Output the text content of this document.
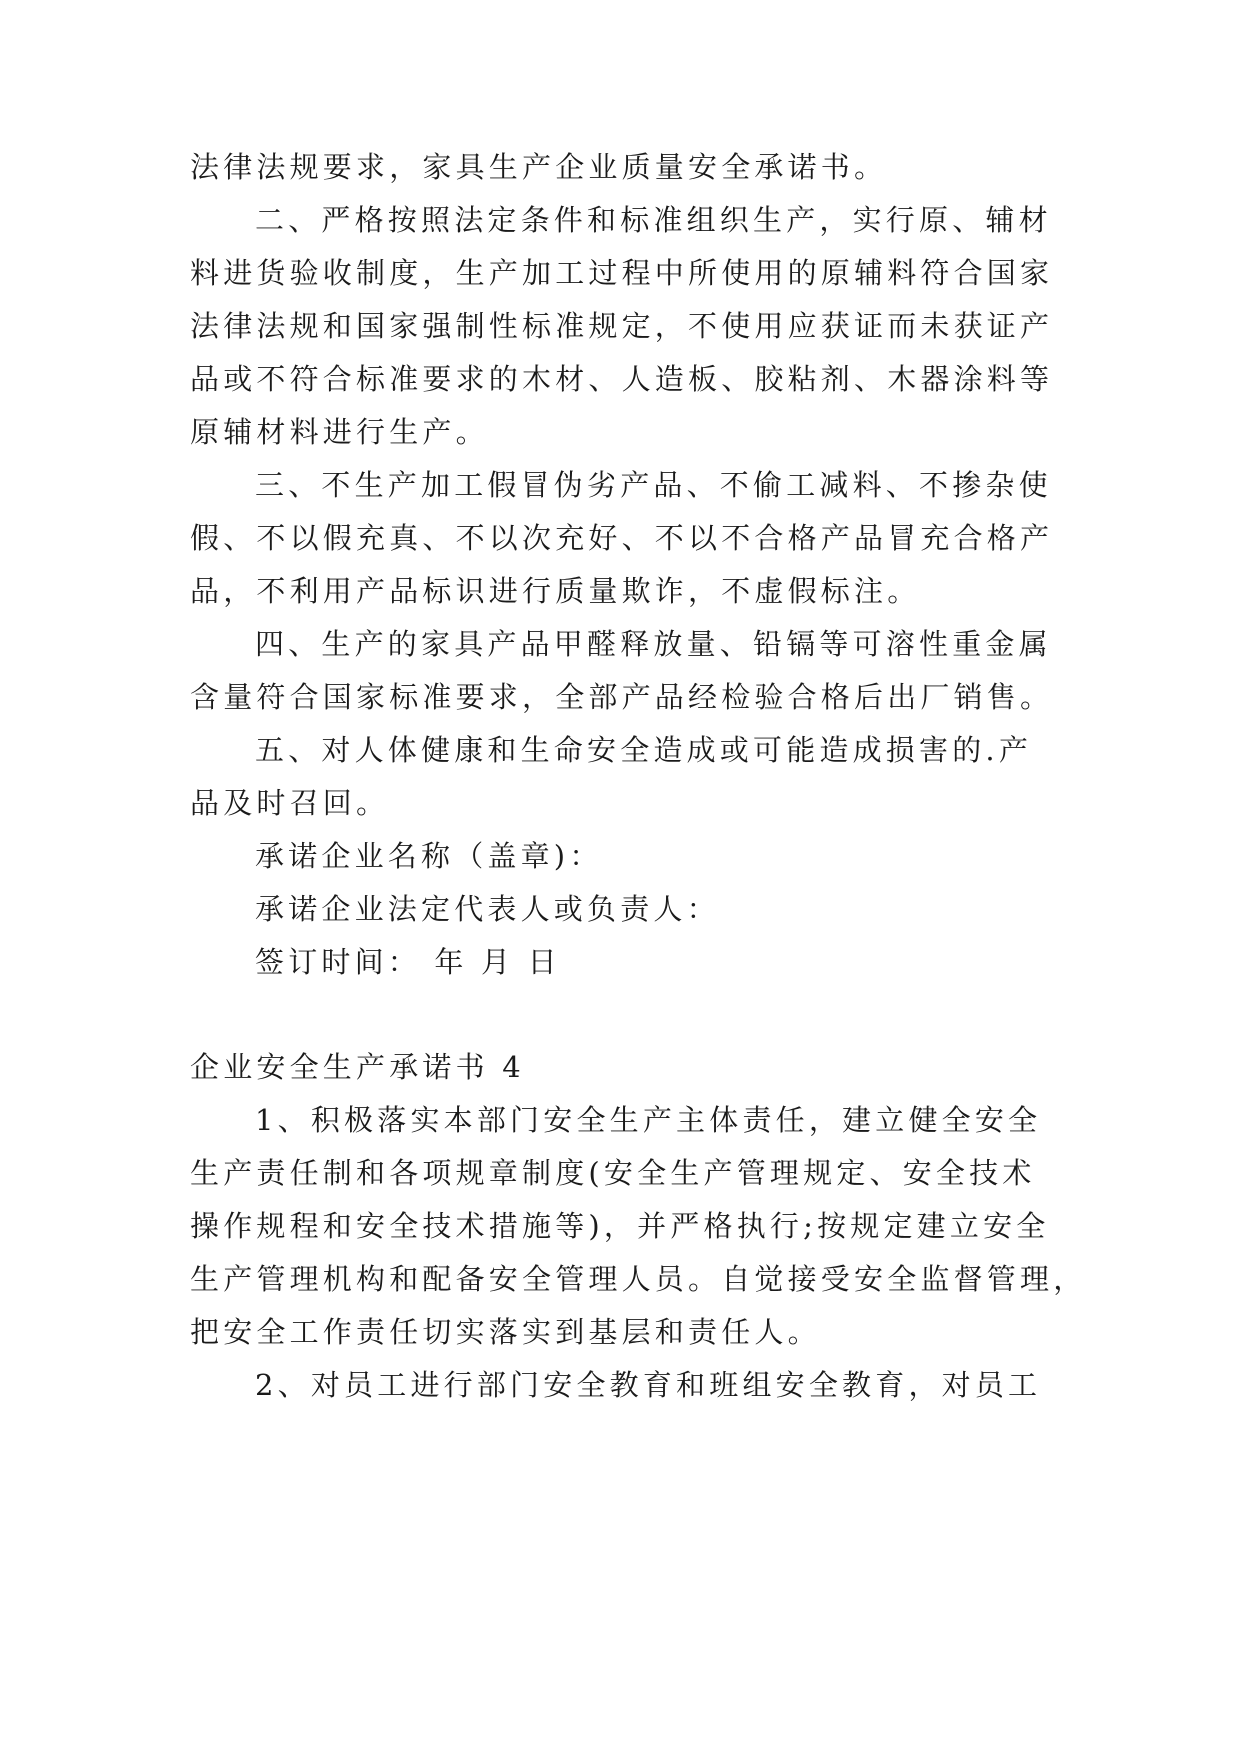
法律法规要求，家具生产企业质量安全承诺书。
二、严格按照法定条件和标准组织生产，实行原、辅材
料进货验收制度，生产加工过程中所使用的原辅料符合国家
法律法规和国家强制性标准规定，不使用应获证而未获证产
品或不符合标准要求的木材、人造板、胶粘剂、木器涂料等
原辅材料进行生产。
三、不生产加工假冒伪劣产品、不偷工减料、不掺杂使
假、不以假充真、不以次充好、不以不合格产品冒充合格产
品，不利用产品标识进行质量欺诈，不虚假标注。
四、生产的家具产品甲醛释放量、铅镉等可溶性重金属
含量符合国家标准要求，全部产品经检验合格后出厂销售。
五、对人体健康和生命安全造成或可能造成损害的.产
品及时召回。
承诺企业名称（盖章)：
承诺企业法定代表人或负责人：
签订时间： 年 月 日
企业安全生产承诺书 4
1、积极落实本部门安全生产主体责任，建立健全安全
生产责任制和各项规章制度(安全生产管理规定、安全技术
操作规程和安全技术措施等)，并严格执行;按规定建立安全
生产管理机构和配备安全管理人员。自觉接受安全监督管理，
把安全工作责任切实落实到基层和责任人。
2、对员工进行部门安全教育和班组安全教育，对员工
